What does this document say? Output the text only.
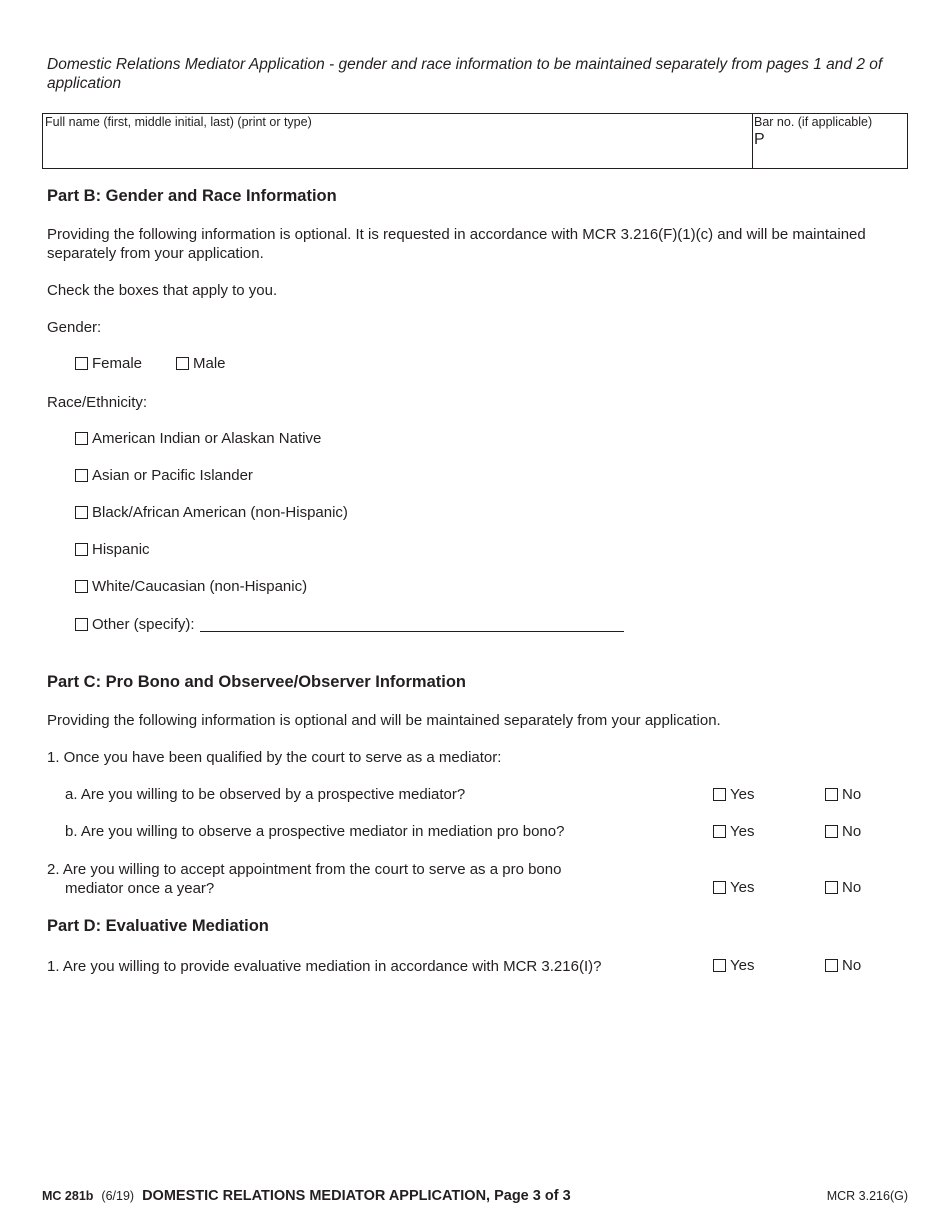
Domestic Relations Mediator Application - gender and race information to be maintained separately from pages 1 and 2 of application
Full name (first, middle initial, last) (print or type)	Bar no. (if applicable)
P
Part B: Gender and Race Information
Providing the following information is optional. It is requested in accordance with MCR 3.216(F)(1)(c) and will be maintained separately from your application.
Check the boxes that apply to you.
Gender:
Female	Male
Race/Ethnicity:
American Indian or Alaskan Native
Asian or Pacific Islander
Black/African American (non-Hispanic)
Hispanic
White/Caucasian (non-Hispanic)
Other (specify):
Part C: Pro Bono and Observee/Observer Information
Providing the following information is optional and will be maintained separately from your application.
1. Once you have been qualified by the court to serve as a mediator:
a. Are you willing to be observed by a prospective mediator?	Yes	No
b. Are you willing to observe a prospective mediator in mediation pro bono?	Yes	No
2. Are you willing to accept appointment from the court to serve as a pro bono
mediator once a year?	Yes	No
Part D: Evaluative Mediation
1. Are you willing to provide evaluative mediation in accordance with MCR 3.216(I)?	Yes	No
MC 281b (6/19) DOMESTIC RELATIONS MEDIATOR APPLICATION, Page 3 of 3	MCR 3.216(G)
